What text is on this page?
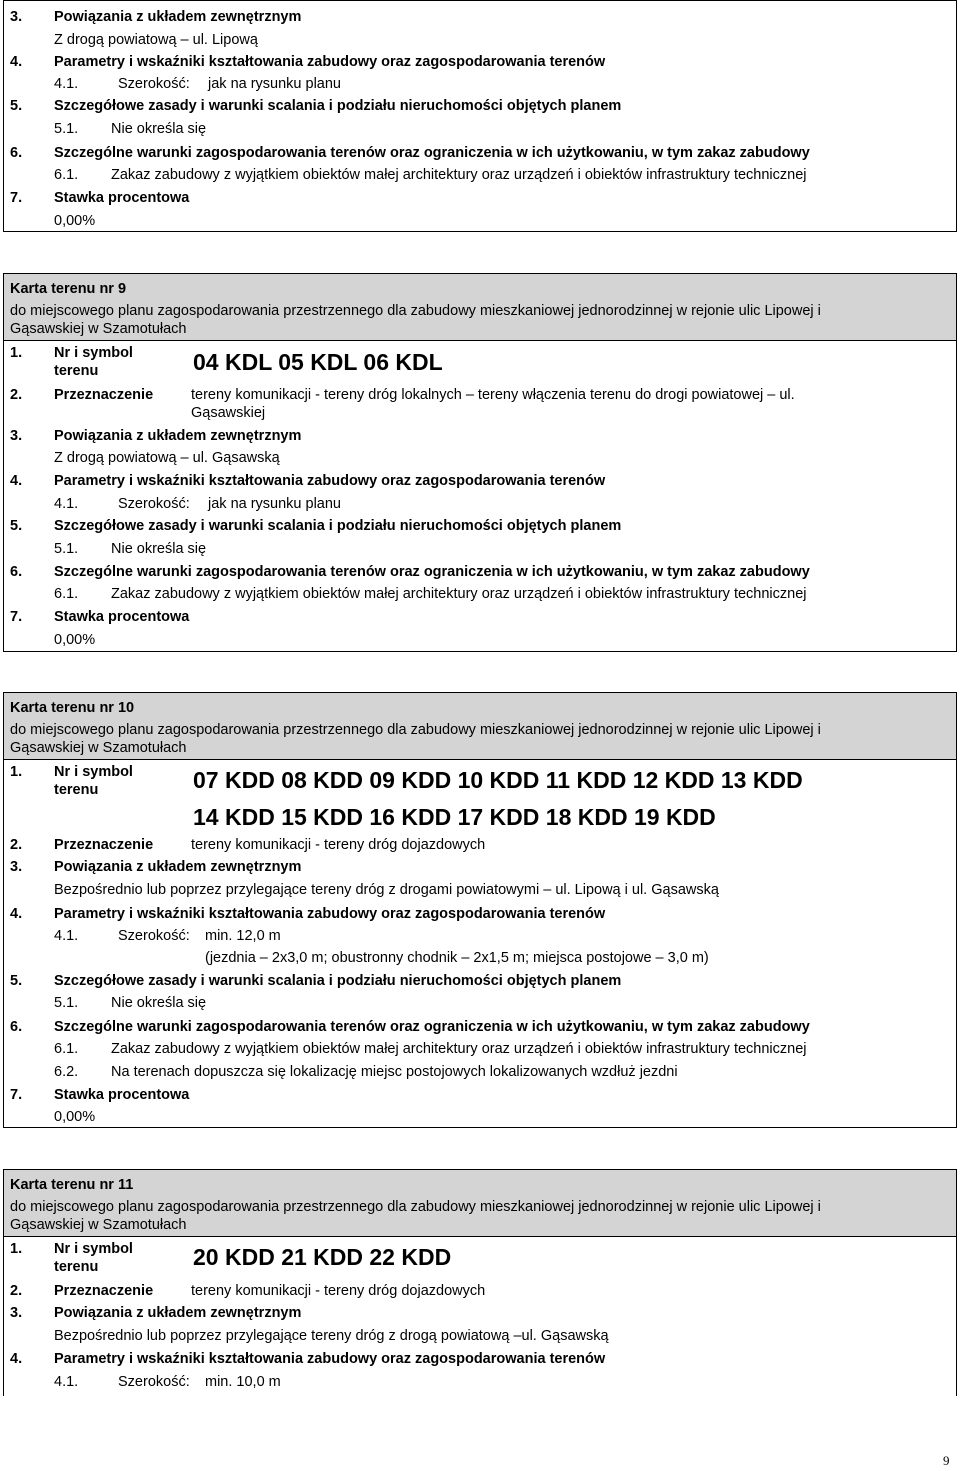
3. Powiązania z układem zewnętrznym
Z drogą powiatową – ul. Lipową
4. Parametry i wskaźniki kształtowania zabudowy oraz zagospodarowania terenów
4.1.	Szerokość: jak na rysunku planu
5. Szczegółowe zasady i warunki scalania i podziału nieruchomości objętych planem
5.1. Nie określa się
6. Szczególne warunki zagospodarowania terenów oraz ograniczenia w ich użytkowaniu, w tym zakaz zabudowy
6.1. Zakaz zabudowy z wyjątkiem obiektów małej architektury oraz urządzeń i obiektów infrastruktury technicznej
7. Stawka procentowa
0,00%
Karta terenu nr 9
do miejscowego planu zagospodarowania przestrzennego dla zabudowy mieszkaniowej jednorodzinnej w rejonie ulic Lipowej i
Gąsawskiej w Szamotułach
1. Nr i symbol
terenu	04 KDL 05 KDL 06 KDL
2. Przeznaczenie	tereny komunikacji - tereny dróg lokalnych – tereny włączenia terenu do drogi powiatowej – ul.
Gąsawskiej
3. Powiązania z układem zewnętrznym
Z drogą powiatową – ul. Gąsawską
4. Parametry i wskaźniki kształtowania zabudowy oraz zagospodarowania terenów
4.1.	Szerokość: jak na rysunku planu
5. Szczegółowe zasady i warunki scalania i podziału nieruchomości objętych planem
5.1. Nie określa się
6. Szczególne warunki zagospodarowania terenów oraz ograniczenia w ich użytkowaniu, w tym zakaz zabudowy
6.1. Zakaz zabudowy z wyjątkiem obiektów małej architektury oraz urządzeń i obiektów infrastruktury technicznej
7. Stawka procentowa
0,00%
Karta terenu nr 10
do miejscowego planu zagospodarowania przestrzennego dla zabudowy mieszkaniowej jednorodzinnej w rejonie ulic Lipowej i
Gąsawskiej w Szamotułach
1. Nr i symbol
terenu	07 KDD 08 KDD 09 KDD 10 KDD 11 KDD 12 KDD 13 KDD
14 KDD 15 KDD 16 KDD 17 KDD 18 KDD 19 KDD
2. Przeznaczenie	tereny komunikacji - tereny dróg dojazdowych
3. Powiązania z układem zewnętrznym
Bezpośrednio lub poprzez przylegające tereny dróg z drogami powiatowymi – ul. Lipową i ul. Gąsawską
4. Parametry i wskaźniki kształtowania zabudowy oraz zagospodarowania terenów
4.1.	Szerokość: min. 12,0 m
(jezdnia – 2x3,0 m; obustronny chodnik – 2x1,5 m; miejsca postojowe – 3,0 m)
5. Szczegółowe zasady i warunki scalania i podziału nieruchomości objętych planem
5.1. Nie określa się
6. Szczególne warunki zagospodarowania terenów oraz ograniczenia w ich użytkowaniu, w tym zakaz zabudowy
6.1. Zakaz zabudowy z wyjątkiem obiektów małej architektury oraz urządzeń i obiektów infrastruktury technicznej
6.2. Na terenach dopuszcza się lokalizację miejsc postojowych lokalizowanych wzdłuż jezdni
7. Stawka procentowa
0,00%
Karta terenu nr 11
do miejscowego planu zagospodarowania przestrzennego dla zabudowy mieszkaniowej jednorodzinnej w rejonie ulic Lipowej i
Gąsawskiej w Szamotułach
1. Nr i symbol
terenu	20 KDD 21 KDD 22 KDD
2. Przeznaczenie	tereny komunikacji - tereny dróg dojazdowych
3. Powiązania z układem zewnętrznym
Bezpośrednio lub poprzez przylegające tereny dróg z drogą powiatową –ul. Gąsawską
4. Parametry i wskaźniki kształtowania zabudowy oraz zagospodarowania terenów
4.1.	Szerokość: min. 10,0 m
9
